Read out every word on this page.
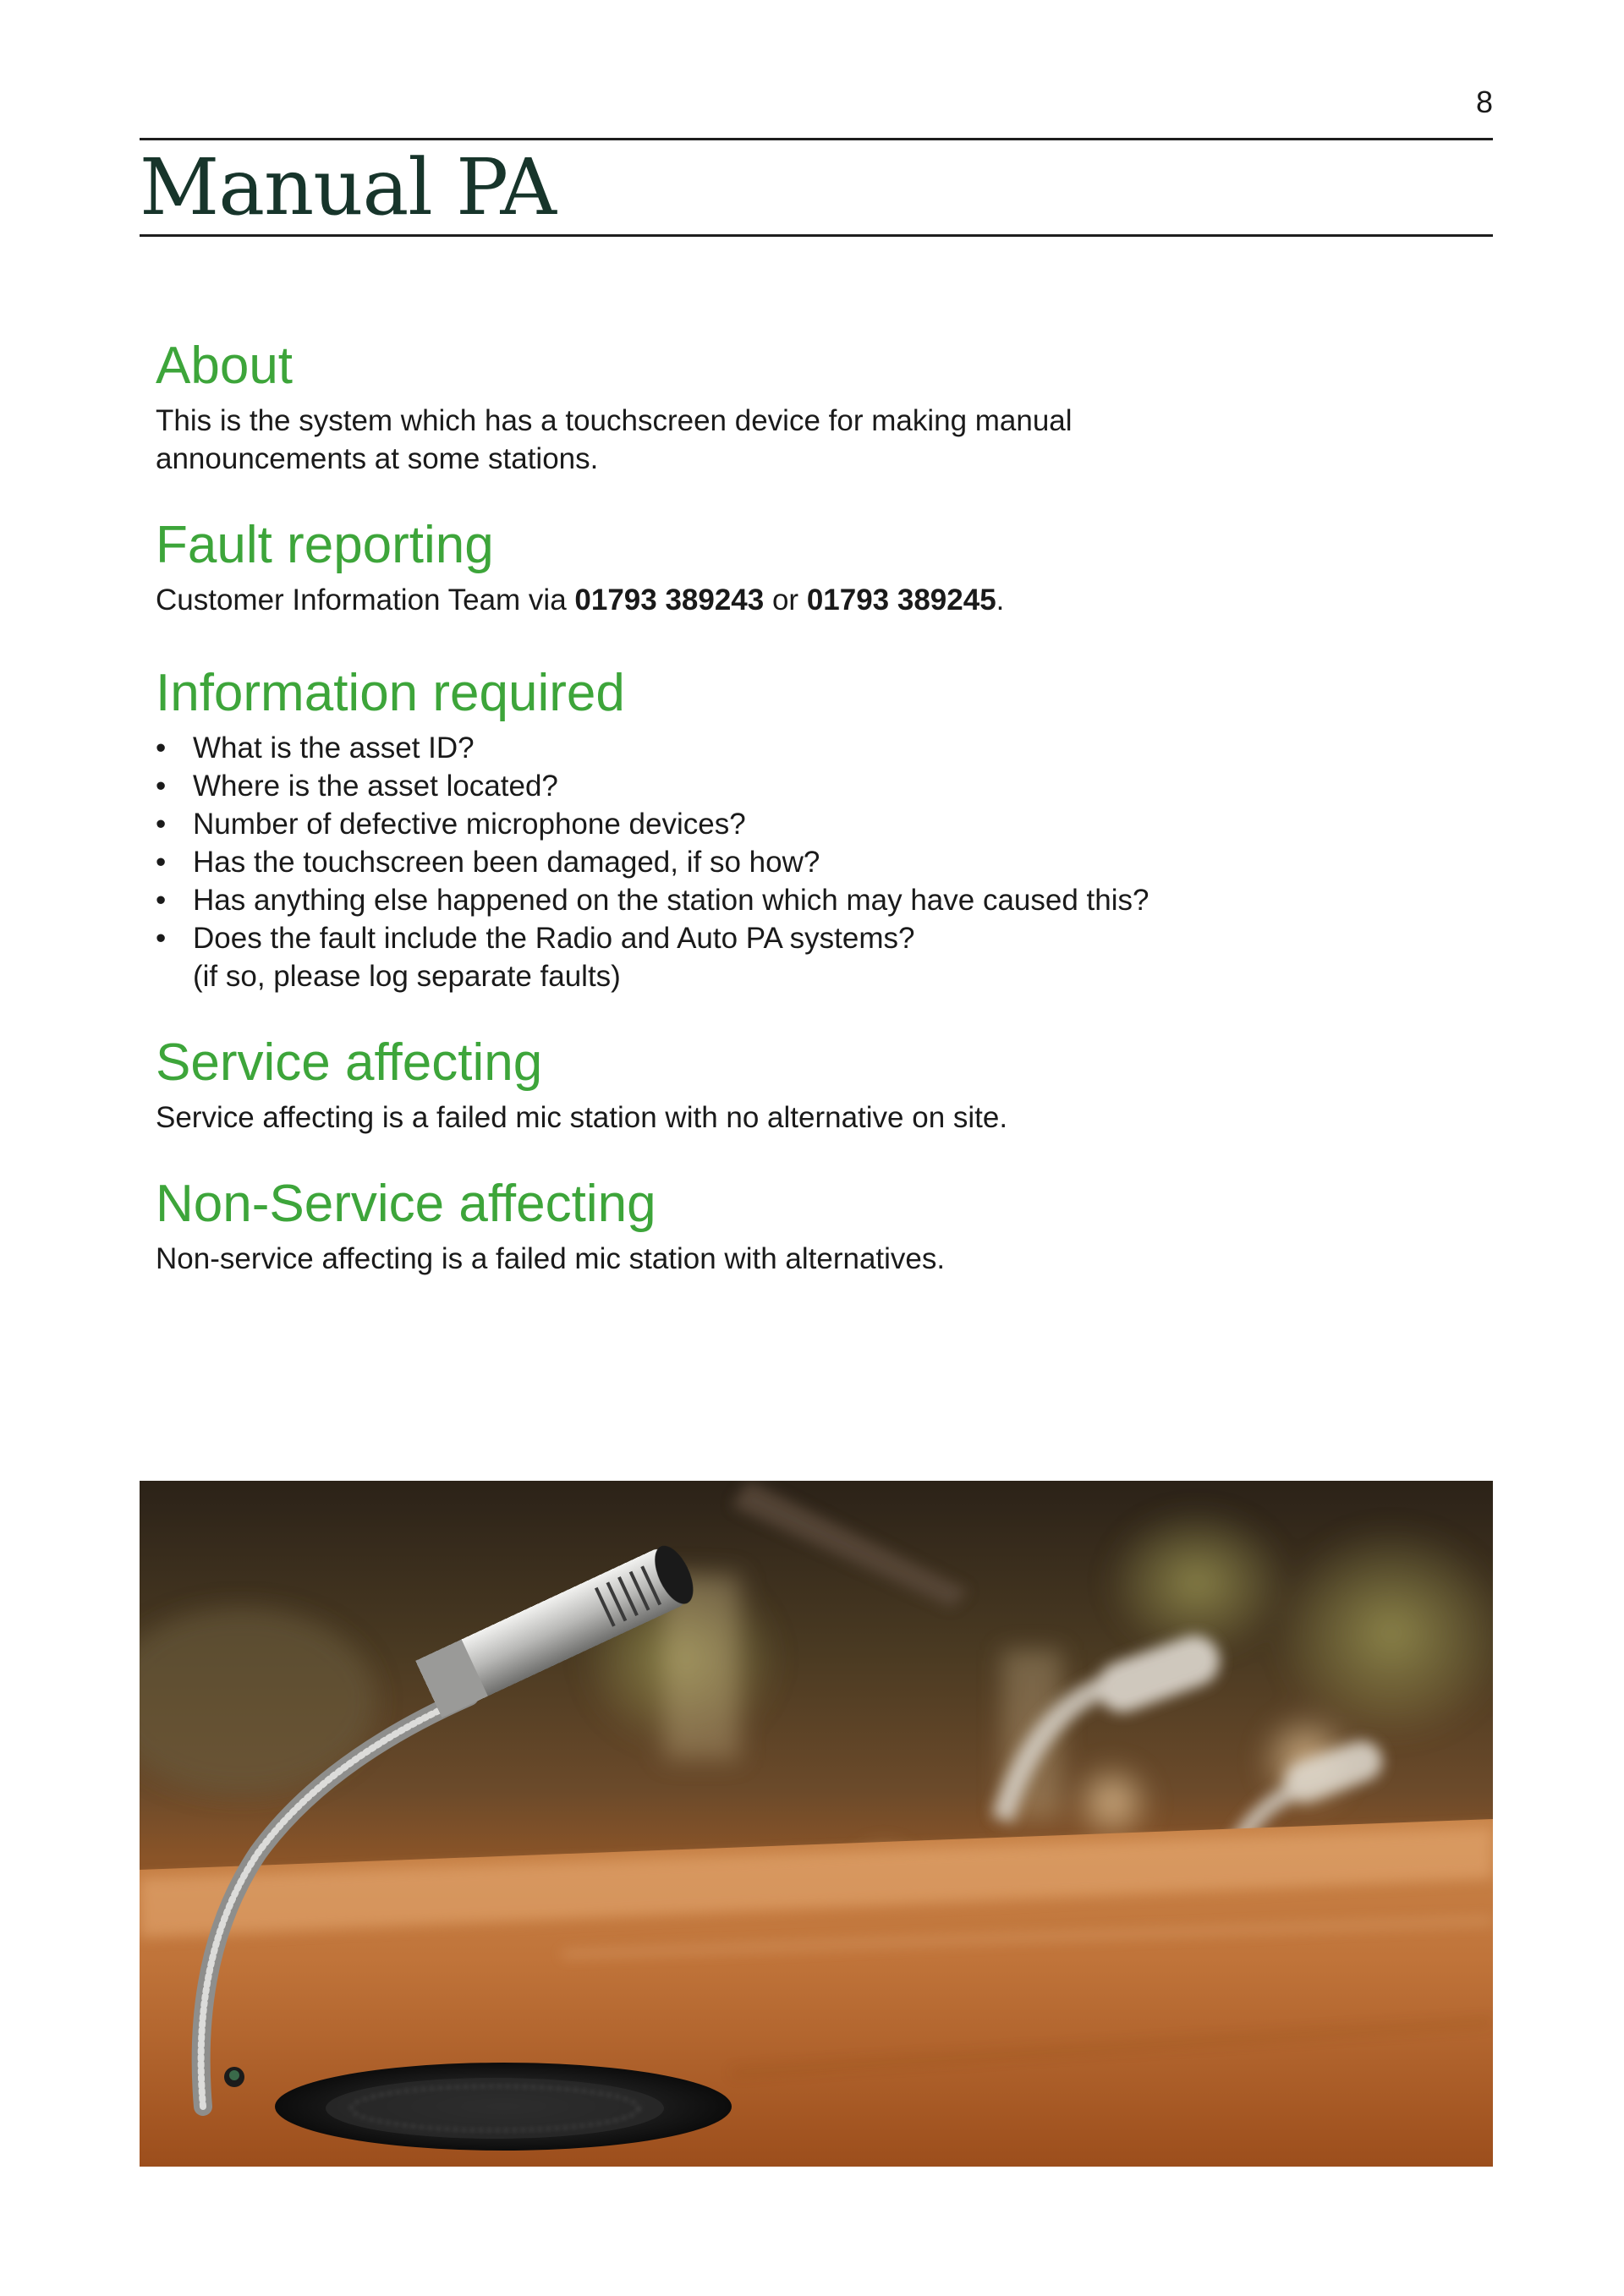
8
Manual PA
About

This is the system which has a touchscreen device for making manual announcements at some stations.

Fault reporting

Customer Information Team via 01793 389243 or 01793 389245.

Information required
• What is the asset ID?
• Where is the asset located?
• Number of defective microphone devices?
• Has the touchscreen been damaged, if so how?
• Has anything else happened on the station which may have caused this?
• Does the fault include the Radio and Auto PA systems?
(if so, please log separate faults)
Service affecting

Service affecting is a failed mic station with no alternative on site.

Non-Service affecting

Non-service affecting is a failed mic station with alternatives.
